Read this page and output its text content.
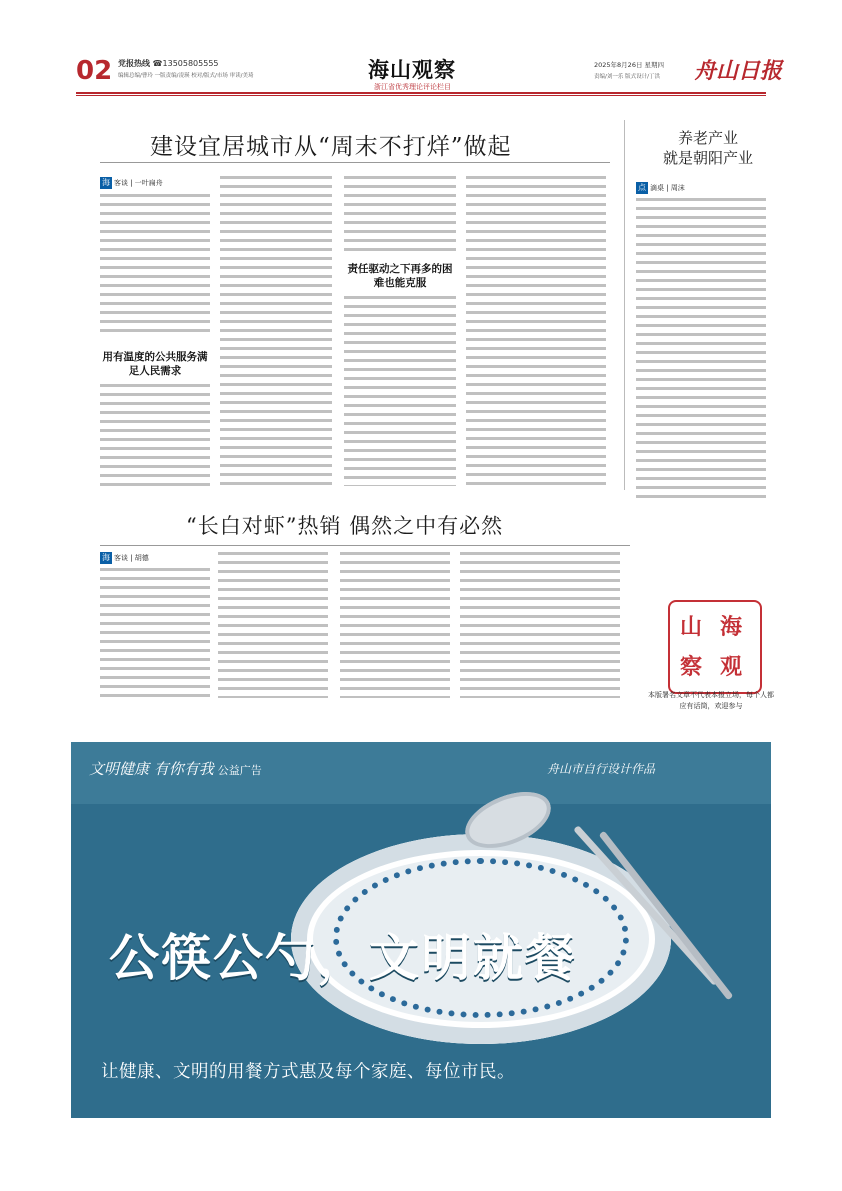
02 党报热线 ☎13505805555
编辑总编/曹玲 一版责编/凌瑛 校对/版式/市场 审读/美琦	海山观察
浙江省优秀理论评论栏目
2025年8月26日 星期四
责编/刘一乐 版式设计/丁洪 舟山日报
建设宜居城市从“周末不打烊”做起
海 客谈 | 一叶扁舟
用有温度的公共服务满足人民需求
责任驱动之下再多的困难也能克服
养老产业
就是朝阳产业
点 滴桌 | 周沫
“长白对虾”热销 偶然之中有必然
海 客谈 | 胡德
山 海
察 观
本版署名文章不代表本报立场，每个人都应有话筒，欢迎参与
文明健康 有你有我 公益广告	舟山市自行设计作品
公筷公勺，文明就餐
让健康、文明的用餐方式惠及每个家庭、每位市民。
